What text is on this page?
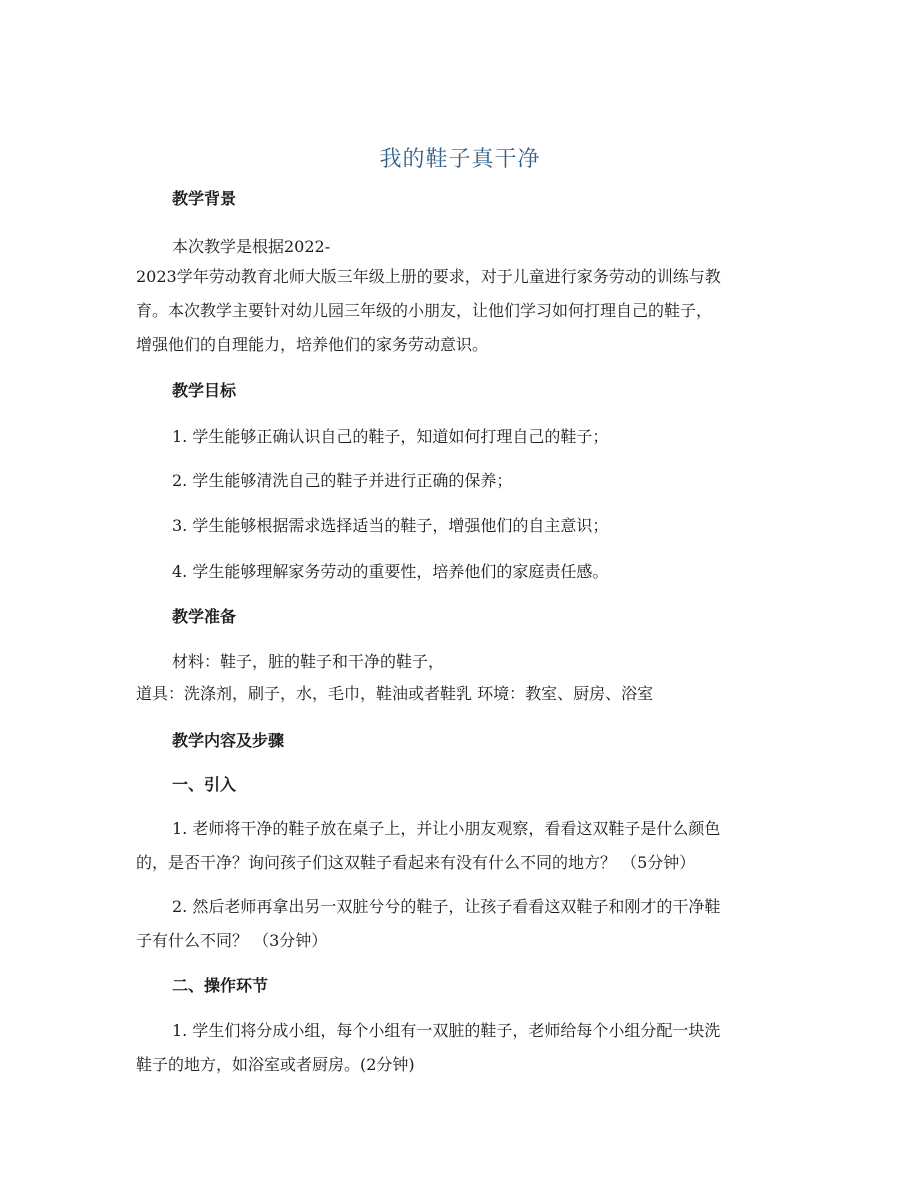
我的鞋子真干净
教学背景
本次教学是根据2022-
2023学年劳动教育北师大版三年级上册的要求，对于儿童进行家务劳动的训练与教
育。本次教学主要针对幼儿园三年级的小朋友，让他们学习如何打理自己的鞋子，
增强他们的自理能力，培养他们的家务劳动意识。
教学目标
1. 学生能够正确认识自己的鞋子，知道如何打理自己的鞋子；
2. 学生能够清洗自己的鞋子并进行正确的保养；
3. 学生能够根据需求选择适当的鞋子，增强他们的自主意识；
4. 学生能够理解家务劳动的重要性，培养他们的家庭责任感。
教学准备
材料：鞋子，脏的鞋子和干净的鞋子，
道具：洗涤剂，刷子，水，毛巾，鞋油或者鞋乳 环境：教室、厨房、浴室
教学内容及步骤
一、引入
1. 老师将干净的鞋子放在桌子上，并让小朋友观察，看看这双鞋子是什么颜色
的，是否干净？询问孩子们这双鞋子看起来有没有什么不同的地方？ （5分钟）
2. 然后老师再拿出另一双脏兮兮的鞋子，让孩子看看这双鞋子和刚才的干净鞋
子有什么不同？ （3分钟）
二、操作环节
1. 学生们将分成小组，每个小组有一双脏的鞋子，老师给每个小组分配一块洗
鞋子的地方，如浴室或者厨房。(2分钟)
